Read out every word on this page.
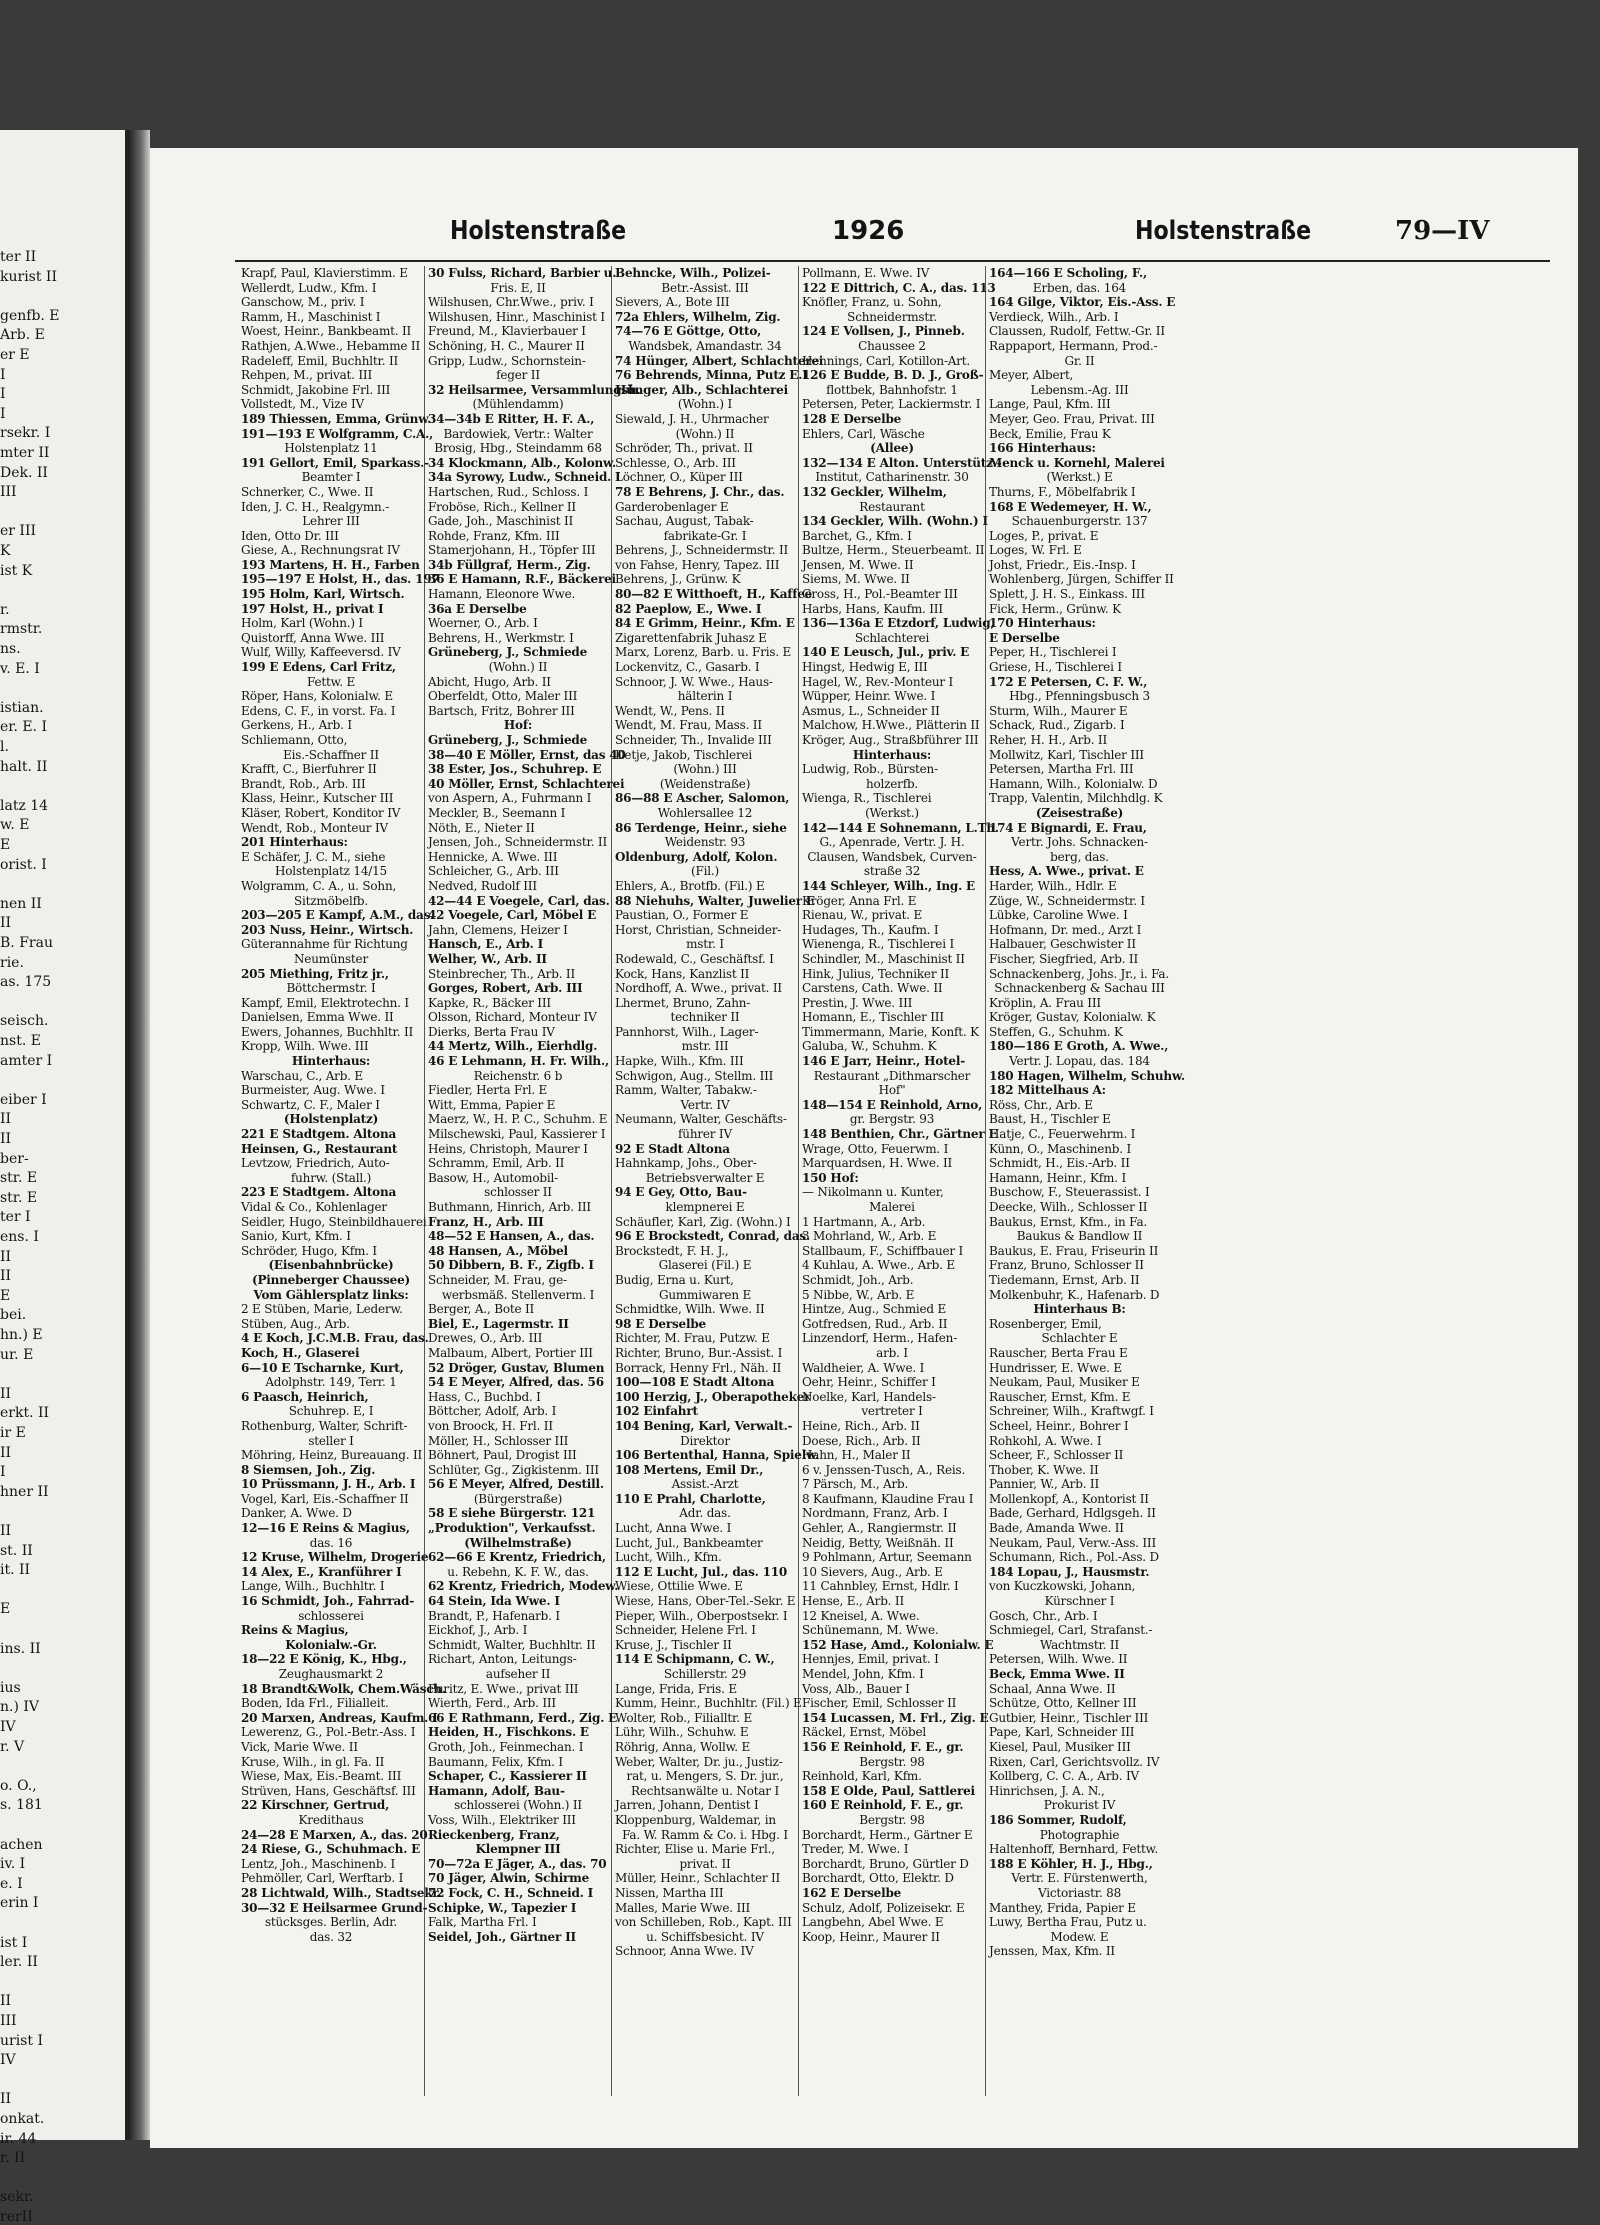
ter II
kurist II
genfb. E
Arb. E
er E
I
I
I
rsekr. I
mter II
Dek. II
III
er III
K
ist K
r.
rmstr.
ns.
v. E. I
istian.
er. E. I
l.
halt. II
latz 14
w. E
E
orist. I
nen II
II
B. Frau
rie.
as. 175
seisch.
nst. E
amter I
eiber I
II
II
ber-
str. E
str. E
ter I
ens. I
II
II
E
bei.
hn.) E
ur. E
II
erkt. II
ir E
II
I
hner II
II
st. II
it. II
E
ins. II
ius
n.) IV
IV
r. V
o. O.,
s. 181
achen
iv. I
e. I
erin I
ist I
ler. II
II
III
urist I
IV
II
onkat.
ir. 44
r. II
sekr.
rerII
Holstenstraße	1926	Holstenstraße	79—IV
Krapf, Paul, Klavierstimm. E
Wellerdt, Ludw., Kfm. I
Ganschow, M., priv. I
Ramm, H., Maschinist I
Woest, Heinr., Bankbeamt. II
Rathjen, A.Wwe., Hebamme II
Radeleff, Emil, Buchhltr. II
Rehpen, M., privat. III
Schmidt, Jakobine Frl. III
Vollstedt, M., Vize IV
189 Thiessen, Emma, Grünw.
191—193 E Wolfgramm, C.A.,
Holstenplatz 11
191 Gellort, Emil, Sparkass.-
Beamter I
Schnerker, C., Wwe. II
Iden, J. C. H., Realgymn.-
Lehrer III
Iden, Otto Dr. III
Giese, A., Rechnungsrat IV
193 Martens, H. H., Farben
195—197 E Holst, H., das. 197
195 Holm, Karl, Wirtsch.
197 Holst, H., privat I
Holm, Karl (Wohn.) I
Quistorff, Anna Wwe. III
Wulf, Willy, Kaffeeversd. IV
199 E Edens, Carl Fritz,
Fettw. E
Röper, Hans, Kolonialw. E
Edens, C. F., in vorst. Fa. I
Gerkens, H., Arb. I
Schliemann, Otto,
Eis.-Schaffner II
Krafft, C., Bierfuhrer II
Brandt, Rob., Arb. III
Klass, Heinr., Kutscher III
Kläser, Robert, Konditor IV
Wendt, Rob., Monteur IV
201 Hinterhaus:
E Schäfer, J. C. M., siehe
Holstenplatz 14/15
Wolgramm, C. A., u. Sohn,
Sitzmöbelfb.
203—205 E Kampf, A.M., das.
203 Nuss, Heinr., Wirtsch.
Güterannahme für Richtung
Neumünster
205 Miething, Fritz jr.,
Böttchermstr. I
Kampf, Emil, Elektrotechn. I
Danielsen, Emma Wwe. II
Ewers, Johannes, Buchhltr. II
Kropp, Wilh. Wwe. III
Hinterhaus:
Warschau, C., Arb. E
Burmeister, Aug. Wwe. I
Schwartz, C. F., Maler I
(Holstenplatz)
221 E Stadtgem. Altona
Heinsen, G., Restaurant
Levtzow, Friedrich, Auto-
fuhrw. (Stall.)
223 E Stadtgem. Altona
Vidal & Co., Kohlenlager
Seidler, Hugo, Steinbildhauerei
Sanio, Kurt, Kfm. I
Schröder, Hugo, Kfm. I
(Eisenbahnbrücke)
(Pinneberger Chaussee)
Vom Gählersplatz links:
2 E Stüben, Marie, Lederw.
Stüben, Aug., Arb.
4 E Koch, J.C.M.B. Frau, das.
Koch, H., Glaserei
6—10 E Tscharnke, Kurt,
Adolphstr. 149, Terr. 1
6 Paasch, Heinrich,
Schuhrep. E, I
Rothenburg, Walter, Schrift-
steller I
Möhring, Heinz, Bureauang. II
8 Siemsen, Joh., Zig.
10 Prüssmann, J. H., Arb. I
Vogel, Karl, Eis.-Schaffner II
Danker, A. Wwe. D
12—16 E Reins & Magius,
das. 16
12 Kruse, Wilhelm, Drogerie
14 Alex, E., Kranführer I
Lange, Wilh., Buchhltr. I
16 Schmidt, Joh., Fahrrad-
schlosserei
Reins & Magius,
Kolonialw.-Gr.
18—22 E König, K., Hbg.,
Zeughausmarkt 2
18 Brandt&Wolk, Chem.Wäsch.
Boden, Ida Frl., Filialleit.
20 Marxen, Andreas, Kaufm. I
Lewerenz, G., Pol.-Betr.-Ass. I
Vick, Marie Wwe. II
Kruse, Wilh., in gl. Fa. II
Wiese, Max, Eis.-Beamt. III
Strüven, Hans, Geschäftsf. III
22 Kirschner, Gertrud,
Kredithaus
24—28 E Marxen, A., das. 20
24 Riese, G., Schuhmach. E
Lentz, Joh., Maschinenb. I
Pehmöller, Carl, Werftarb. I
28 Lichtwald, Wilh., Stadtsekr.
30—32 E Heilsarmee Grund-
stücksges. Berlin, Adr.
das. 32
30 Fulss, Richard, Barbier u.
Fris. E, II
Wilshusen, Chr.Wwe., priv. I
Wilshusen, Hinr., Maschinist I
Freund, M., Klavierbauer I
Schöning, H. C., Maurer II
Gripp, Ludw., Schornstein-
feger II
32 Heilsarmee, Versammlungsh.
(Mühlendamm)
34—34b E Ritter, H. F. A.,
Bardowiek, Vertr.: Walter
Brosig, Hbg., Steindamm 68
34 Klockmann, Alb., Kolonw.
34a Syrowy, Ludw., Schneid. I
Hartschen, Rud., Schloss. I
Froböse, Rich., Kellner II
Gade, Joh., Maschinist II
Rohde, Franz, Kfm. III
Stamerjohann, H., Töpfer III
34b Füllgraf, Herm., Zig.
36 E Hamann, R.F., Bäckerei
Hamann, Eleonore Wwe.
36a E Derselbe
Woerner, O., Arb. I
Behrens, H., Werkmstr. I
Grüneberg, J., Schmiede
(Wohn.) II
Abicht, Hugo, Arb. II
Oberfeldt, Otto, Maler III
Bartsch, Fritz, Bohrer III
Hof:
Grüneberg, J., Schmiede
38—40 E Möller, Ernst, das 40
38 Ester, Jos., Schuhrep. E
40 Möller, Ernst, Schlachterei
von Aspern, A., Fuhrmann I
Meckler, B., Seemann I
Nöth, E., Nieter II
Jensen, Joh., Schneidermstr. II
Hennicke, A. Wwe. III
Schleicher, G., Arb. III
Nedved, Rudolf III
42—44 E Voegele, Carl, das.
42 Voegele, Carl, Möbel E
Jahn, Clemens, Heizer I
Hansch, E., Arb. I
Welher, W., Arb. II
Steinbrecher, Th., Arb. II
Gorges, Robert, Arb. III
Kapke, R., Bäcker III
Olsson, Richard, Monteur IV
Dierks, Berta Frau IV
44 Mertz, Wilh., Eierhdlg.
46 E Lehmann, H. Fr. Wilh.,
Reichenstr. 6 b
Fiedler, Herta Frl. E
Witt, Emma, Papier E
Maerz, W., H. P. C., Schuhm. E
Milschewski, Paul, Kassierer I
Heins, Christoph, Maurer I
Schramm, Emil, Arb. II
Basow, H., Automobil-
schlosser II
Buthmann, Hinrich, Arb. III
Franz, H., Arb. III
48—52 E Hansen, A., das.
48 Hansen, A., Möbel
50 Dibbern, B. F., Zigfb. I
Schneider, M. Frau, ge-
werbsmäß. Stellenverm. I
Berger, A., Bote II
Biel, E., Lagermstr. II
Drewes, O., Arb. III
Malbaum, Albert, Portier III
52 Dröger, Gustav, Blumen
54 E Meyer, Alfred, das. 56
Hass, C., Buchbd. I
Böttcher, Adolf, Arb. I
von Broock, H. Frl. II
Möller, H., Schlosser III
Böhnert, Paul, Drogist III
Schlüter, Gg., Zigkistenm. III
56 E Meyer, Alfred, Destill.
(Bürgerstraße)
58 E siehe Bürgerstr. 121
„Produktion", Verkaufsst.
(Wilhelmstraße)
62—66 E Krentz, Friedrich,
u. Rebehn, K. F. W., das.
62 Krentz, Friedrich, Modew.
64 Stein, Ida Wwe. I
Brandt, P., Hafenarb. I
Eickhof, J., Arb. I
Schmidt, Walter, Buchhltr. II
Richart, Anton, Leitungs-
aufseher II
Puritz, E. Wwe., privat III
Wierth, Ferd., Arb. III
66 E Rathmann, Ferd., Zig. E
Heiden, H., Fischkons. E
Groth, Joh., Feinmechan. I
Baumann, Felix, Kfm. I
Schaper, C., Kassierer II
Hamann, Adolf, Bau-
schlosserei (Wohn.) II
Voss, Wilh., Elektriker III
Rieckenberg, Franz,
Klempner III
70—72a E Jäger, A., das. 70
70 Jäger, Alwin, Schirme
72 Fock, C. H., Schneid. I
Schipke, W., Tapezier I
Falk, Martha Frl. I
Seidel, Joh., Gärtner II
Behncke, Wilh., Polizei-
Betr.-Assist. III
Sievers, A., Bote III
72a Ehlers, Wilhelm, Zig.
74—76 E Göttge, Otto,
Wandsbek, Amandastr. 34
74 Hünger, Albert, Schlachterei
76 Behrends, Minna, Putz E.I
Hünger, Alb., Schlachterei
(Wohn.) I
Siewald, J. H., Uhrmacher
(Wohn.) II
Schröder, Th., privat. II
Schlesse, O., Arb. III
Löchner, O., Küper III
78 E Behrens, J. Chr., das.
Garderobenlager E
Sachau, August, Tabak-
fabrikate-Gr. I
Behrens, J., Schneidermstr. II
von Fahse, Henry, Tapez. III
Behrens, J., Grünw. K
80—82 E Witthoeft, H., Kaffee
82 Paeplow, E., Wwe. I
84 E Grimm, Heinr., Kfm. E
Zigarettenfabrik Juhasz E
Marx, Lorenz, Barb. u. Fris. E
Lockenvitz, C., Gasarb. I
Schnoor, J. W. Wwe., Haus-
hälterin I
Wendt, W., Pens. II
Wendt, M. Frau, Mass. II
Schneider, Th., Invalide III
Detje, Jakob, Tischlerei
(Wohn.) III
(Weidenstraße)
86—88 E Ascher, Salomon,
Wohlersallee 12
86 Terdenge, Heinr., siehe
Weidenstr. 93
Oldenburg, Adolf, Kolon.
(Fil.)
Ehlers, A., Brotfb. (Fil.) E
88 Niehuhs, Walter, Juwelier E
Paustian, O., Former E
Horst, Christian, Schneider-
mstr. I
Rodewald, C., Geschäftsf. I
Kock, Hans, Kanzlist II
Nordhoff, A. Wwe., privat. II
Lhermet, Bruno, Zahn-
techniker II
Pannhorst, Wilh., Lager-
mstr. III
Hapke, Wilh., Kfm. III
Schwigon, Aug., Stellm. III
Ramm, Walter, Tabakw.-
Vertr. IV
Neumann, Walter, Geschäfts-
führer IV
92 E Stadt Altona
Hahnkamp, Johs., Ober-
Betriebsverwalter E
94 E Gey, Otto, Bau-
klempnerei E
Schäufler, Karl, Zig. (Wohn.) I
96 E Brockstedt, Conrad, das.
Brockstedt, F. H. J.,
Glaserei (Fil.) E
Budig, Erna u. Kurt,
Gummiwaren E
Schmidtke, Wilh. Wwe. II
98 E Derselbe
Richter, M. Frau, Putzw. E
Richter, Bruno, Bur.-Assist. I
Borrack, Henny Frl., Näh. II
100—108 E Stadt Altona
100 Herzig, J., Oberapotheker
102 Einfahrt
104 Bening, Karl, Verwalt.-
Direktor
106 Bertenthal, Hanna, Spielw.
108 Mertens, Emil Dr.,
Assist.-Arzt
110 E Prahl, Charlotte,
Adr. das.
Lucht, Anna Wwe. I
Lucht, Jul., Bankbeamter
Lucht, Wilh., Kfm.
112 E Lucht, Jul., das. 110
Wiese, Ottilie Wwe. E
Wiese, Hans, Ober-Tel.-Sekr. E
Pieper, Wilh., Oberpostsekr. I
Schneider, Helene Frl. I
Kruse, J., Tischler II
114 E Schipmann, C. W.,
Schillerstr. 29
Lange, Frida, Fris. E
Kumm, Heinr., Buchhltr. (Fil.) E
Wolter, Rob., Filialltr. E
Lühr, Wilh., Schuhw. E
Röhrig, Anna, Wollw. E
Weber, Walter, Dr. ju., Justiz-
rat, u. Mengers, S. Dr. jur.,
Rechtsanwälte u. Notar I
Jarren, Johann, Dentist I
Kloppenburg, Waldemar, in
Fa. W. Ramm & Co. i. Hbg. I
Richter, Elise u. Marie Frl.,
privat. II
Müller, Heinr., Schlachter II
Nissen, Martha III
Malles, Marie Wwe. III
von Schilleben, Rob., Kapt. III
u. Schiffsbesicht. IV
Schnoor, Anna Wwe. IV
Pollmann, E. Wwe. IV
122 E Dittrich, C. A., das. 113
Knöfler, Franz, u. Sohn,
Schneidermstr.
124 E Vollsen, J., Pinneb.
Chaussee 2
Hennings, Carl, Kotillon-Art.
126 E Budde, B. D. J., Groß-
flottbek, Bahnhofstr. 1
Petersen, Peter, Lackiermstr. I
128 E Derselbe
Ehlers, Carl, Wäsche
(Allee)
132—134 E Alton. Unterstütz.-
Institut, Catharinenstr. 30
132 Geckler, Wilhelm,
Restaurant
134 Geckler, Wilh. (Wohn.) I
Barchet, G., Kfm. I
Bultze, Herm., Steuerbeamt. II
Jensen, M. Wwe. II
Siems, M. Wwe. II
Gross, H., Pol.-Beamter III
Harbs, Hans, Kaufm. III
136—136a E Etzdorf, Ludwig,
Schlachterei
140 E Leusch, Jul., priv. E
Hingst, Hedwig E, III
Hagel, W., Rev.-Monteur I
Wüpper, Heinr. Wwe. I
Asmus, L., Schneider II
Malchow, H.Wwe., Plätterin II
Kröger, Aug., Straßbführer III
Hinterhaus:
Ludwig, Rob., Bürsten-
holzerfb.
Wienga, R., Tischlerei
(Werkst.)
142—144 E Sohnemann, L.Th.
G., Apenrade, Vertr. J. H.
Clausen, Wandsbek, Curven-
straße 32
144 Schleyer, Wilh., Ing. E
Kröger, Anna Frl. E
Rienau, W., privat. E
Hudages, Th., Kaufm. I
Wienenga, R., Tischlerei I
Schindler, M., Maschinist II
Hink, Julius, Techniker II
Carstens, Cath. Wwe. II
Prestin, J. Wwe. III
Homann, E., Tischler III
Timmermann, Marie, Konft. K
Galuba, W., Schuhm. K
146 E Jarr, Heinr., Hotel-
Restaurant „Dithmarscher
Hof"
148—154 E Reinhold, Arno,
gr. Bergstr. 93
148 Benthien, Chr., Gärtner E
Wrage, Otto, Feuerwm. I
Marquardsen, H. Wwe. II
150 Hof:
— Nikolmann u. Kunter,
Malerei
1 Hartmann, A., Arb.
3 Mohrland, W., Arb. E
Stallbaum, F., Schiffbauer I
4 Kuhlau, A. Wwe., Arb. E
Schmidt, Joh., Arb.
5 Nibbe, W., Arb. E
Hintze, Aug., Schmied E
Gotfredsen, Rud., Arb. II
Linzendorf, Herm., Hafen-
arb. I
Waldheier, A. Wwe. I
Oehr, Heinr., Schiffer I
Noelke, Karl, Handels-
vertreter I
Heine, Rich., Arb. II
Doese, Rich., Arb. II
Hahn, H., Maler II
6 v. Jenssen-Tusch, A., Reis.
7 Pärsch, M., Arb.
8 Kaufmann, Klaudine Frau I
Nordmann, Franz, Arb. I
Gehler, A., Rangiermstr. II
Neidig, Betty, Weißnäh. II
9 Pohlmann, Artur, Seemann
10 Sievers, Aug., Arb. E
11 Cahnbley, Ernst, Hdlr. I
Hense, E., Arb. II
12 Kneisel, A. Wwe.
Schünemann, M. Wwe.
152 Hase, Amd., Kolonialw. E
Hennjes, Emil, privat. I
Mendel, John, Kfm. I
Voss, Alb., Bauer I
Fischer, Emil, Schlosser II
154 Lucassen, M. Frl., Zig. E
Räckel, Ernst, Möbel
156 E Reinhold, F. E., gr.
Bergstr. 98
Reinhold, Karl, Kfm.
158 E Olde, Paul, Sattlerei
160 E Reinhold, F. E., gr.
Bergstr. 98
Borchardt, Herm., Gärtner E
Treder, M. Wwe. I
Borchardt, Bruno, Gürtler D
Borchardt, Otto, Elektr. D
162 E Derselbe
Schulz, Adolf, Polizeisekr. E
Langbehn, Abel Wwe. E
Koop, Heinr., Maurer II
164—166 E Scholing, F.,
Erben, das. 164
164 Gilge, Viktor, Eis.-Ass. E
Verdieck, Wilh., Arb. I
Claussen, Rudolf, Fettw.-Gr. II
Rappaport, Hermann, Prod.-
Gr. II
Meyer, Albert,
Lebensm.-Ag. III
Lange, Paul, Kfm. III
Meyer, Geo. Frau, Privat. III
Beck, Emilie, Frau K
166 Hinterhaus:
Menck u. Kornehl, Malerei
(Werkst.) E
Thurns, F., Möbelfabrik I
168 E Wedemeyer, H. W.,
Schauenburgerstr. 137
Loges, P., privat. E
Loges, W. Frl. E
Johst, Friedr., Eis.-Insp. I
Wohlenberg, Jürgen, Schiffer II
Splett, J. H. S., Einkass. III
Fick, Herm., Grünw. K
170 Hinterhaus:
E Derselbe
Peper, H., Tischlerei I
Griese, H., Tischlerei I
172 E Petersen, C. F. W.,
Hbg., Pfenningsbusch 3
Sturm, Wilh., Maurer E
Schack, Rud., Zigarb. I
Reher, H. H., Arb. II
Mollwitz, Karl, Tischler III
Petersen, Martha Frl. III
Hamann, Wilh., Kolonialw. D
Trapp, Valentin, Milchhdlg. K
(Zeisestraße)
174 E Bignardi, E. Frau,
Vertr. Johs. Schnacken-
berg, das.
Hess, A. Wwe., privat. E
Harder, Wilh., Hdlr. E
Züge, W., Schneidermstr. I
Lübke, Caroline Wwe. I
Hofmann, Dr. med., Arzt I
Halbauer, Geschwister II
Fischer, Siegfried, Arb. II
Schnackenberg, Johs. Jr., i. Fa.
Schnackenberg & Sachau III
Kröplin, A. Frau III
Kröger, Gustav, Kolonialw. K
Steffen, G., Schuhm. K
180—186 E Groth, A. Wwe.,
Vertr. J. Lopau, das. 184
180 Hagen, Wilhelm, Schuhw.
182 Mittelhaus A:
Röss, Chr., Arb. E
Baust, H., Tischler E
Hatje, C., Feuerwehrm. I
Künn, O., Maschinenb. I
Schmidt, H., Eis.-Arb. II
Hamann, Heinr., Kfm. I
Buschow, F., Steuerassist. I
Deecke, Wilh., Schlosser II
Baukus, Ernst, Kfm., in Fa.
Baukus & Bandlow II
Baukus, E. Frau, Friseurin II
Franz, Bruno, Schlosser II
Tiedemann, Ernst, Arb. II
Molkenbuhr, K., Hafenarb. D
Hinterhaus B:
Rosenberger, Emil,
Schlachter E
Rauscher, Berta Frau E
Hundrisser, E. Wwe. E
Neukam, Paul, Musiker E
Rauscher, Ernst, Kfm. E
Schreiner, Wilh., Kraftwgf. I
Scheel, Heinr., Bohrer I
Rohkohl, A. Wwe. I
Scheer, F., Schlosser II
Thober, K. Wwe. II
Pannier, W., Arb. II
Mollenkopf, A., Kontorist II
Bade, Gerhard, Hdlgsgeh. II
Bade, Amanda Wwe. II
Neukam, Paul, Verw.-Ass. III
Schumann, Rich., Pol.-Ass. D
184 Lopau, J., Hausmstr.
von Kuczkowski, Johann,
Kürschner I
Gosch, Chr., Arb. I
Schmiegel, Carl, Strafanst.-
Wachtmstr. II
Petersen, Wilh. Wwe. II
Beck, Emma Wwe. II
Schaal, Anna Wwe. II
Schütze, Otto, Kellner III
Gutbier, Heinr., Tischler III
Pape, Karl, Schneider III
Kiesel, Paul, Musiker III
Rixen, Carl, Gerichtsvollz. IV
Kollberg, C. C. A., Arb. IV
Hinrichsen, J. A. N.,
Prokurist IV
186 Sommer, Rudolf,
Photographie
Haltenhoff, Bernhard, Fettw.
188 E Köhler, H. J., Hbg.,
Vertr. E. Fürstenwerth,
Victoriastr. 88
Manthey, Frida, Papier E
Luwy, Bertha Frau, Putz u.
Modew. E
Jenssen, Max, Kfm. II
